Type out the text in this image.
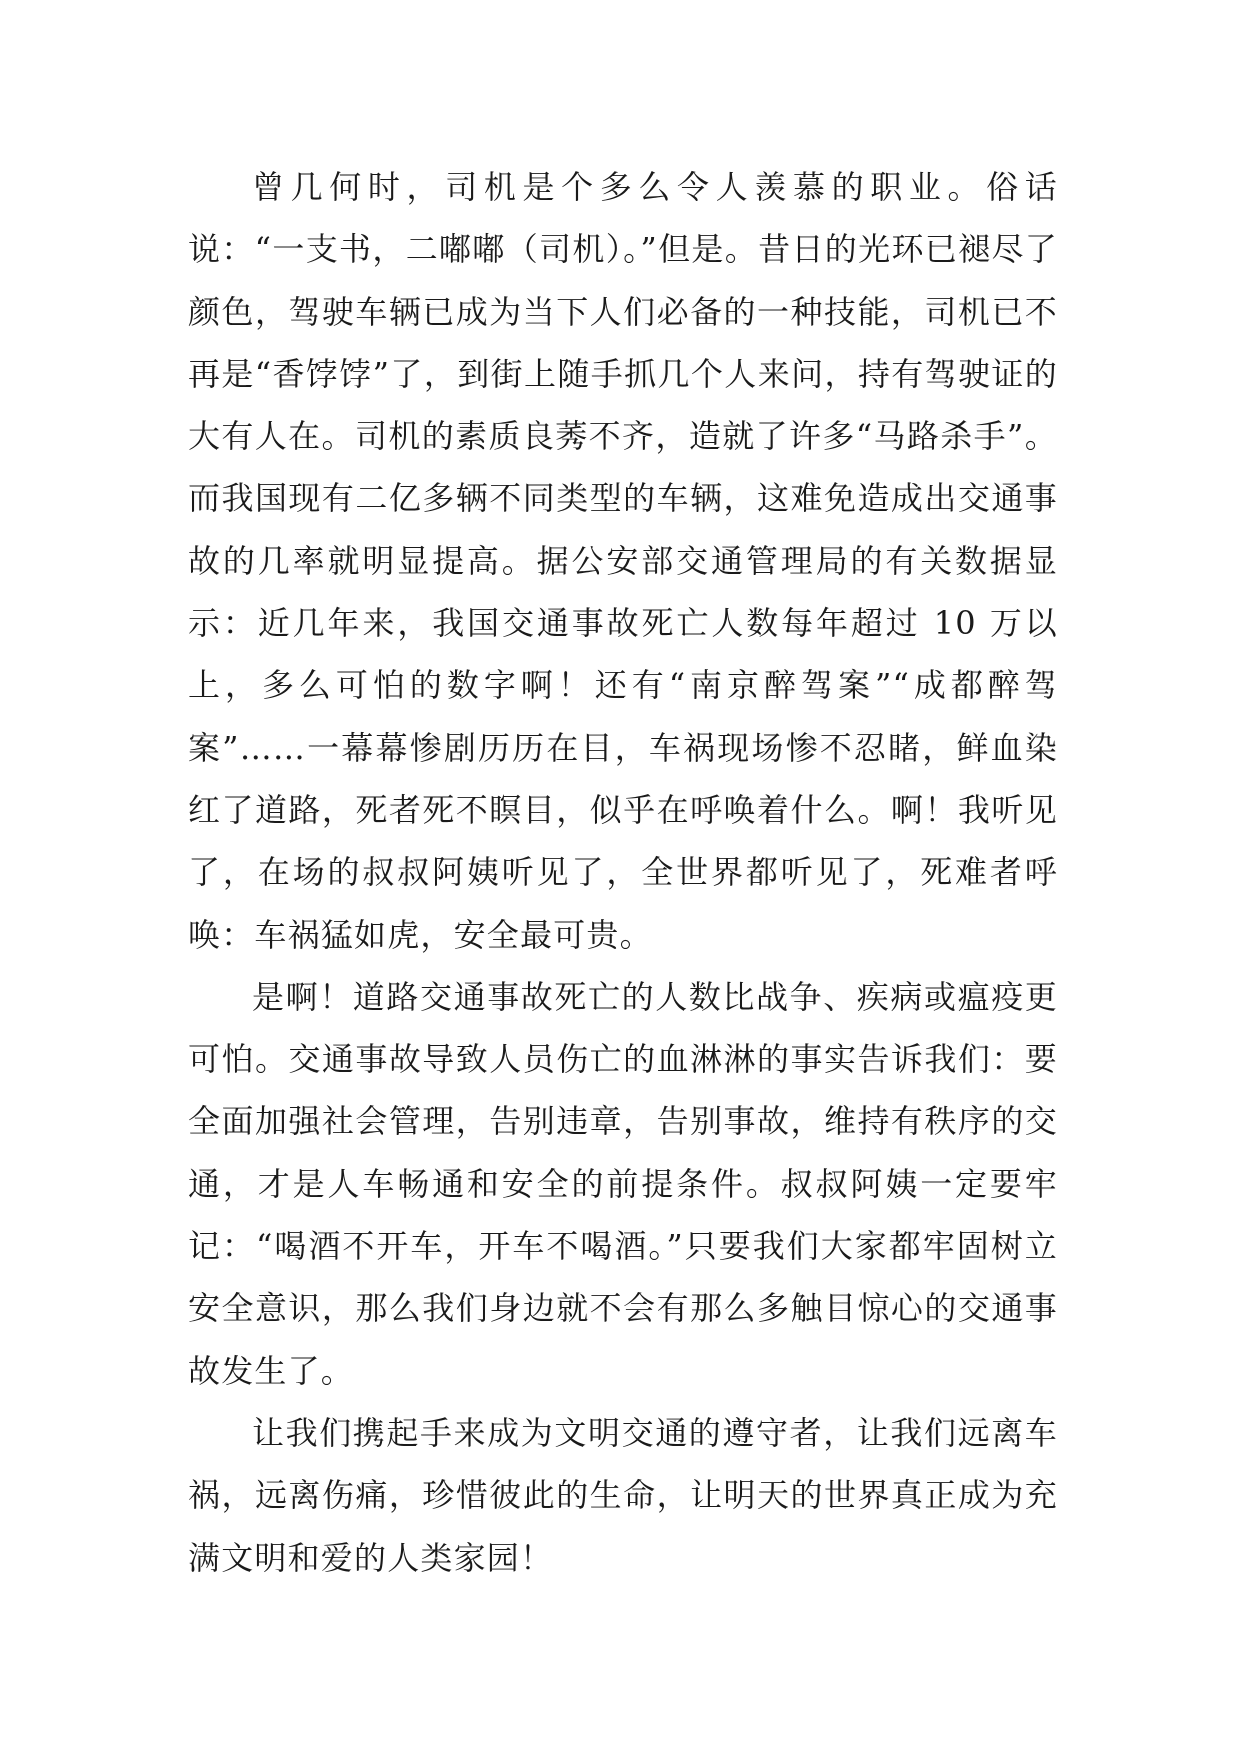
曾几何时，司机是个多么令人羡慕的职业。俗话说：“一支书，二嘟嘟（司机）。”但是。昔日的光环已褪尽了颜色，驾驶车辆已成为当下人们必备的一种技能，司机已不再是“香饽饽”了，到街上随手抓几个人来问，持有驾驶证的大有人在。司机的素质良莠不齐，造就了许多“马路杀手”。而我国现有二亿多辆不同类型的车辆，这难免造成出交通事故的几率就明显提高。据公安部交通管理局的有关数据显示：近几年来，我国交通事故死亡人数每年超过 10 万以上，多么可怕的数字啊！还有“南京醉驾案”“成都醉驾案”……一幕幕惨剧历历在目，车祸现场惨不忍睹，鲜血染红了道路，死者死不瞑目，似乎在呼唤着什么。啊！我听见了，在场的叔叔阿姨听见了，全世界都听见了，死难者呼唤：车祸猛如虎，安全最可贵。

是啊！道路交通事故死亡的人数比战争、疾病或瘟疫更可怕。交通事故导致人员伤亡的血淋淋的事实告诉我们：要全面加强社会管理，告别违章，告别事故，维持有秩序的交通，才是人车畅通和安全的前提条件。叔叔阿姨一定要牢记：“喝酒不开车，开车不喝酒。”只要我们大家都牢固树立安全意识，那么我们身边就不会有那么多触目惊心的交通事故发生了。

让我们携起手来成为文明交通的遵守者，让我们远离车祸，远离伤痛，珍惜彼此的生命，让明天的世界真正成为充满文明和爱的人类家园！
